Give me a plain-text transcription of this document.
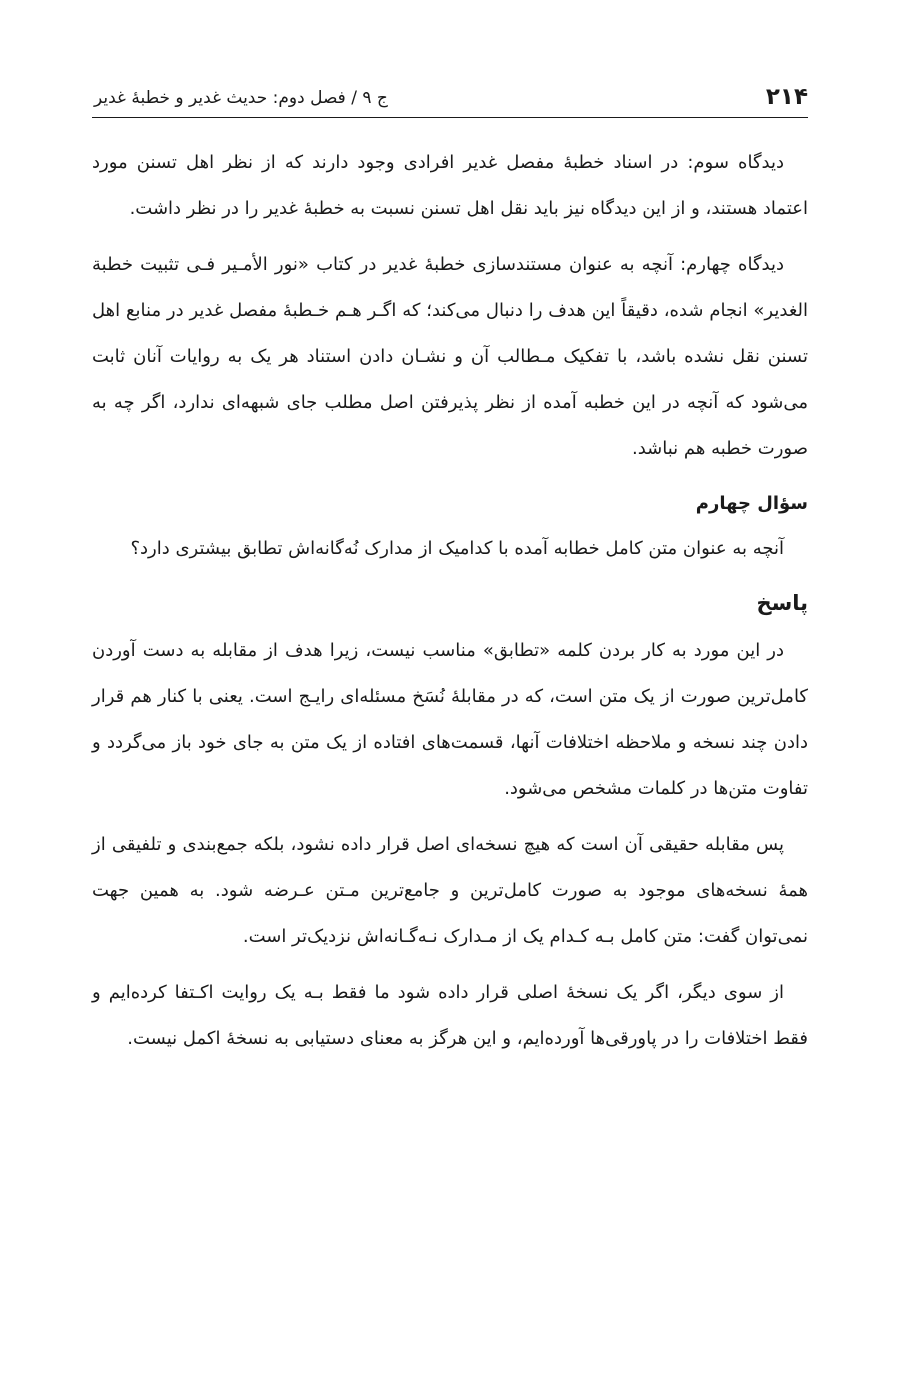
۲۱۴
ج ۹ / فصل دوم: حدیث غدیر و خطبهٔ غدیر

دیدگاه سوم: در اسناد خطبهٔ مفصل غدیر افرادی وجود دارند که از نظر اهل تسنن مورد اعتماد هستند، و از این دیدگاه نیز باید نقل اهل تسنن نسبت به خطبهٔ غدیر را در نظر داشت.

دیدگاه چهارم: آنچه به عنوان مستندسازی خطبهٔ غدیر در کتاب «نور الأمـیر فـی تثبیت خطبة الغدیر» انجام شده، دقیقاً این هدف را دنبال می‌کند؛ که اگـر هـم خـطبهٔ مفصل غدیر در منابع اهل تسنن نقل نشده باشد، با تفکیک مـطالب آن و نشـان دادن استناد هر یک به روایات آنان ثابت می‌شود که آنچه در این خطبه آمده از نظر پذیرفتن اصل مطلب جای شبهه‌ای ندارد، اگر چه به صورت خطبه هم نباشد.

سؤال چهارم

آنچه به عنوان متن کامل خطابه آمده با کدامیک از مدارک نُه‌گانه‌اش تطابق بیشتری دارد؟

پاسخ

در این مورد به کار بردن کلمه «تطابق» مناسب نیست، زیرا هدف از مقابله به دست آوردن کامل‌ترین صورت از یک متن است، که در مقابلهٔ نُسَخ مسئله‌ای رایـج است. یعنی با کنار هم قرار دادن چند نسخه و ملاحظه اختلافات آنها، قسمت‌های افتاده از یک متن به جای خود باز می‌گردد و تفاوت متن‌ها در کلمات مشخص می‌شود.

پس مقابله حقیقی آن است که هیچ نسخه‌ای اصل قرار داده نشود، بلکه جمع‌بندی و تلفیقی از همهٔ نسخه‌های موجود به صورت کامل‌ترین و جامع‌ترین مـتن عـرضه شود. به همین جهت نمی‌توان گفت: متن کامل بـه کـدام یک از مـدارک نـه‌گـانه‌اش نزدیک‌تر است.

از سوی دیگر، اگر یک نسخهٔ اصلی قرار داده شود ما فقط بـه یک روایت اکـتفا کرده‌ایم و فقط اختلافات را در پاورقی‌ها آورده‌ایم، و این هرگز به معنای دستیابی به نسخهٔ اکمل نیست.
